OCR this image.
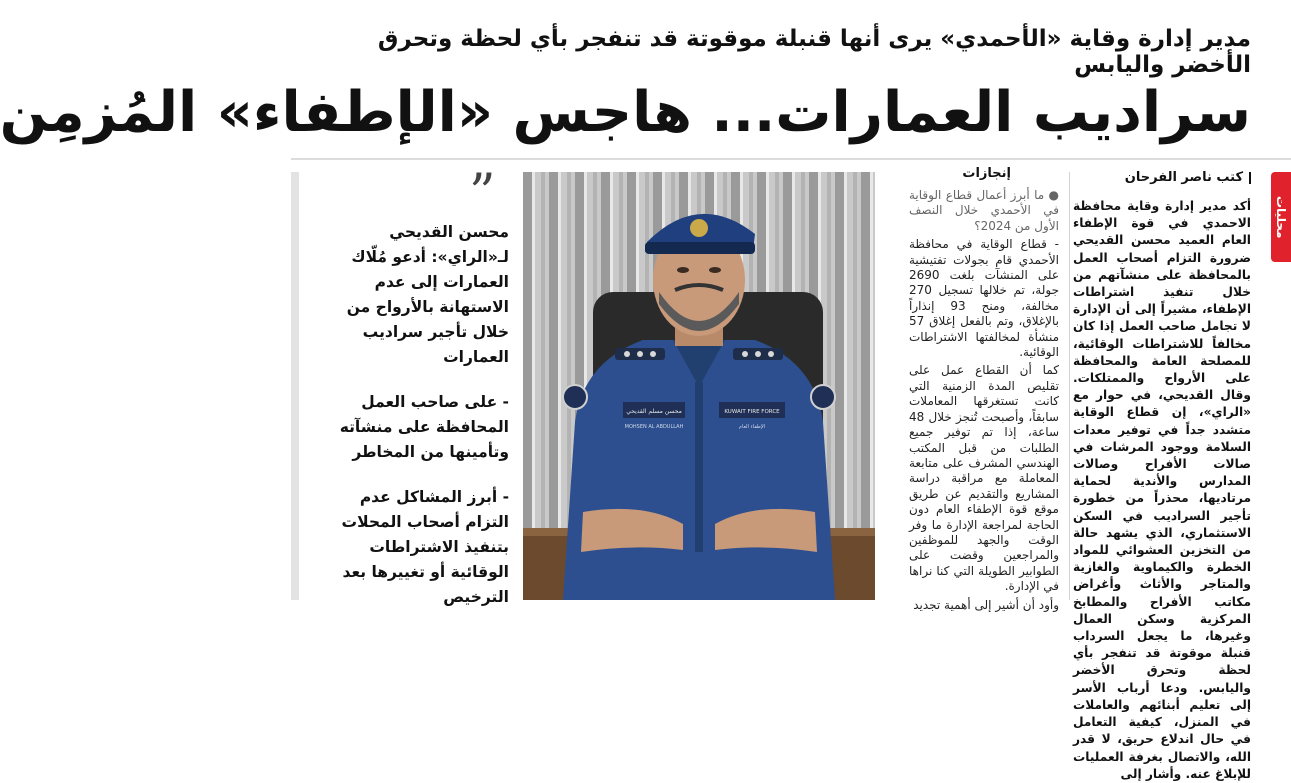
مدير إدارة وقاية «الأحمدي» يرى أنها قنبلة موقوتة قد تنفجر بأي لحظة وتحرق الأخضر واليابس
سراديب العمارات... هاجس «الإطفاء» المُزمِن
محليات
كتب ناصر الفرحان
أكد مدير إدارة وقاية محافظة الاحمدي في قوة الإطفاء العام العميد محسن القديحي ضرورة التزام أصحاب العمل بالمحافظة على منشآتهم من خلال تنفيذ اشتراطات الإطفاء، مشيراً إلى أن الإدارة لا تجامل صاحب العمل إذا كان مخالفاً للاشتراطات الوقائية، للمصلحة العامة والمحافظة على الأرواح والممتلكات. وقال القديحي، في حوار مع «الراي»، إن قطاع الوقاية متشدد جداً في توفير معدات السلامة ووجود المرشات في صالات الأفراح وصالات المدارس والأندية لحماية مرتاديها، محذراً من خطورة تأجير السراديب في السكن الاستثماري، الذي يشهد حالة من التخزين العشوائي للمواد الخطرة والكيماوية والغازية والمتاجر والأثاث وأغراض مكاتب الأفراح والمطابخ المركزية وسكن العمال وغيرها، ما يجعل السرداب قنبلة موقوتة قد تنفجر بأي لحظة وتحرق الأخضر واليابس. ودعا أرباب الأسر إلى تعليم أبنائهم والعاملات في المنزل، كيفية التعامل في حال اندلاع حريق، لا قدر الله، والاتصال بغرفة العمليات للإبلاغ عنه. وأشار إلى
إنجازات

● ما أبرز أعمال قطاع الوقاية في الأحمدي خلال النصف الأول من 2024؟

- قطاع الوقاية في محافظة الأحمدي قام بجولات تفتيشية على المنشآت بلغت 2690 جولة، تم خلالها تسجيل 270 مخالفة، ومنح 93 إنذاراً بالإغلاق، وتم بالفعل إغلاق 57 منشأة لمخالفتها الاشتراطات الوقائية.

كما أن القطاع عمل على تقليص المدة الزمنية التي كانت تستغرقها المعاملات سابقاً، وأصبحت تُنجز خلال 48 ساعة، إذا تم توفير جميع الطلبات من قبل المكتب الهندسي المشرف على متابعة المعاملة مع مراقبة دراسة المشاريع والتقديم عن طريق موقع قوة الإطفاء العام دون الحاجة لمراجعة الإدارة ما وفر الوقت والجهد للموظفين والمراجعين وقضت على الطوابير الطويلة التي كنا نراها في الإدارة.

وأود أن أشير إلى أهمية تجديد

محسن مسلم القديحي	KUWAIT FIRE FORCE
MOHSEN AL ABDULLAH	الإطفاء العام
”

محسن القديحي لـ«الراي»: أدعو مُلّاك العمارات إلى عدم الاستهانة بالأرواح من خلال تأجير سراديب العمارات

- على صاحب العمل المحافظة على منشآته وتأمينها من المخاطر

- أبرز المشاكل عدم التزام أصحاب المحلات بتنفيذ الاشتراطات الوقائية أو تغييرها بعد الترخيص
